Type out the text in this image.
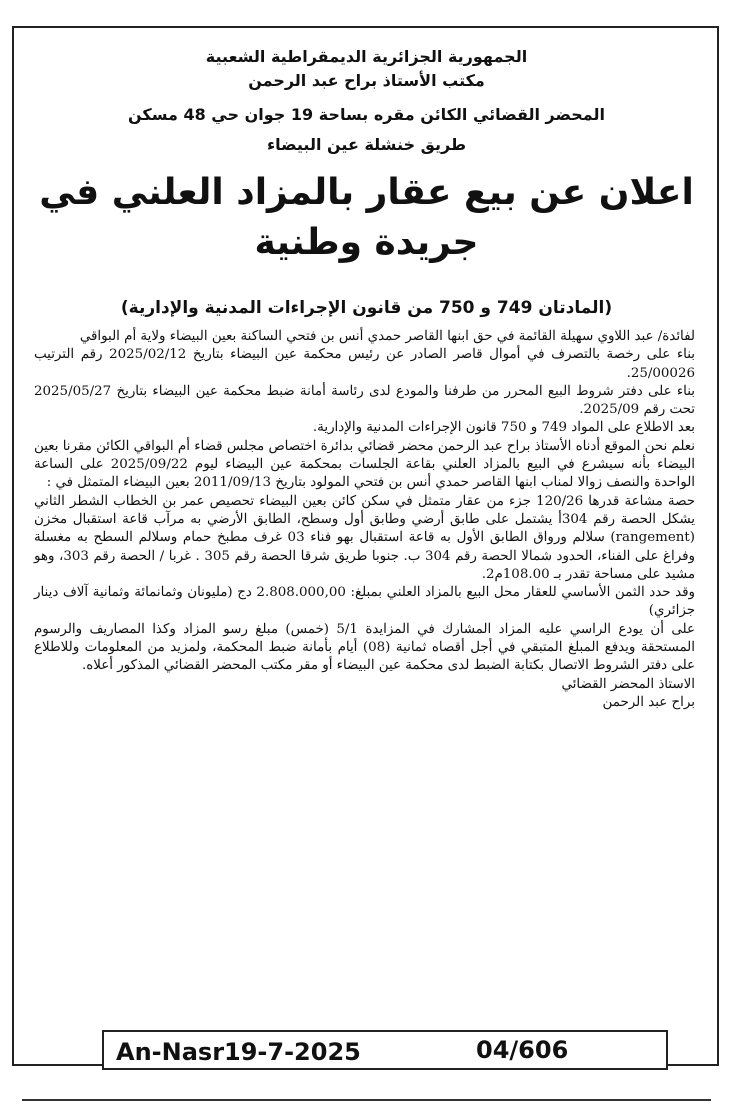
الجمهورية الجزائرية الديمقراطية الشعبية
مكتب الأستاذ براح عبد الرحمن
المحضر القضائي الكائن مقره بساحة 19 جوان حي 48 مسكن
طريق خنشلة عين البيضاء
اعلان عن بيع عقار بالمزاد العلني في جريدة وطنية
(المادتان 749 و 750 من قانون الإجراءات المدنية والإدارية)

لفائدة/ عبد اللاوي سهيلة القائمة في حق ابنها القاصر حمدي أنس بن فتحي الساكنة بعين البيضاء ولاية أم البواقي

بناء على رخصة بالتصرف في أموال قاصر الصادر عن رئيس محكمة عين البيضاء بتاريخ 2025/02/12 رقم الترتيب 25/00026.

بناء على دفتر شروط البيع المحرر من طرفنا والمودع لدى رئاسة أمانة ضبط محكمة عين البيضاء بتاريخ 2025/05/27 تحت رقم 2025/09.

بعد الاطلاع على المواد 749 و 750 قانون الإجراءات المدنية والإدارية.

نعلم نحن الموقع أدناه الأستاذ براح عبد الرحمن محضر قضائي بدائرة اختصاص مجلس قضاء أم البواقي الكائن مقرنا بعين البيضاء بأنه سيشرع في البيع بالمزاد العلني بقاعة الجلسات بمحكمة عين البيضاء ليوم 2025/09/22 على الساعة الواحدة والنصف زوالا لمناب ابنها القاصر حمدي أنس بن فتحي المولود بتاريخ 2011/09/13 بعين البيضاء المتمثل في :

حصة مشاعة قدرها 120/26 جزء من عقار متمثل في سكن كائن بعين البيضاء تحصيص عمر بن الخطاب الشطر الثاني يشكل الحصة رقم 304أ يشتمل على طابق أرضي وطابق أول وسطح، الطابق الأرضي به مرآب قاعة استقبال مخزن (rangement) سلالم ورواق الطابق الأول به قاعة استقبال بهو فناء 03 غرف مطبخ حمام وسلالم السطح به مغسلة وفراغ على الفناء، الحدود شمالا الحصة رقم 304 ب. جنوبا طريق شرقا الحصة رقم 305 . غربا / الحصة رقم 303، وهو مشيد على مساحة تقدر بـ 108.00م2.

وقد حدد الثمن الأساسي للعقار محل البيع بالمزاد العلني بمبلغ: 2.808.000,00 دج (مليونان وثمانمائة وثمانية آلاف دينار جزائري)

على أن يودع الراسي عليه المزاد المشارك في المزايدة 5/1 (خمس) مبلغ رسو المزاد وكذا المصاريف والرسوم المستحقة ويدفع المبلغ المتبقي في أجل أقصاه ثمانية (08) أيام بأمانة ضبط المحكمة، ولمزيد من المعلومات وللاطلاع على دفتر الشروط الاتصال بكتابة الضبط لدى محكمة عين البيضاء أو مقر مكتب المحضر القضائي المذكور أعلاه.

الاستاذ المحضر القضائي

براح عبد الرحمن

An-Nasr19-7-2025	04/606
